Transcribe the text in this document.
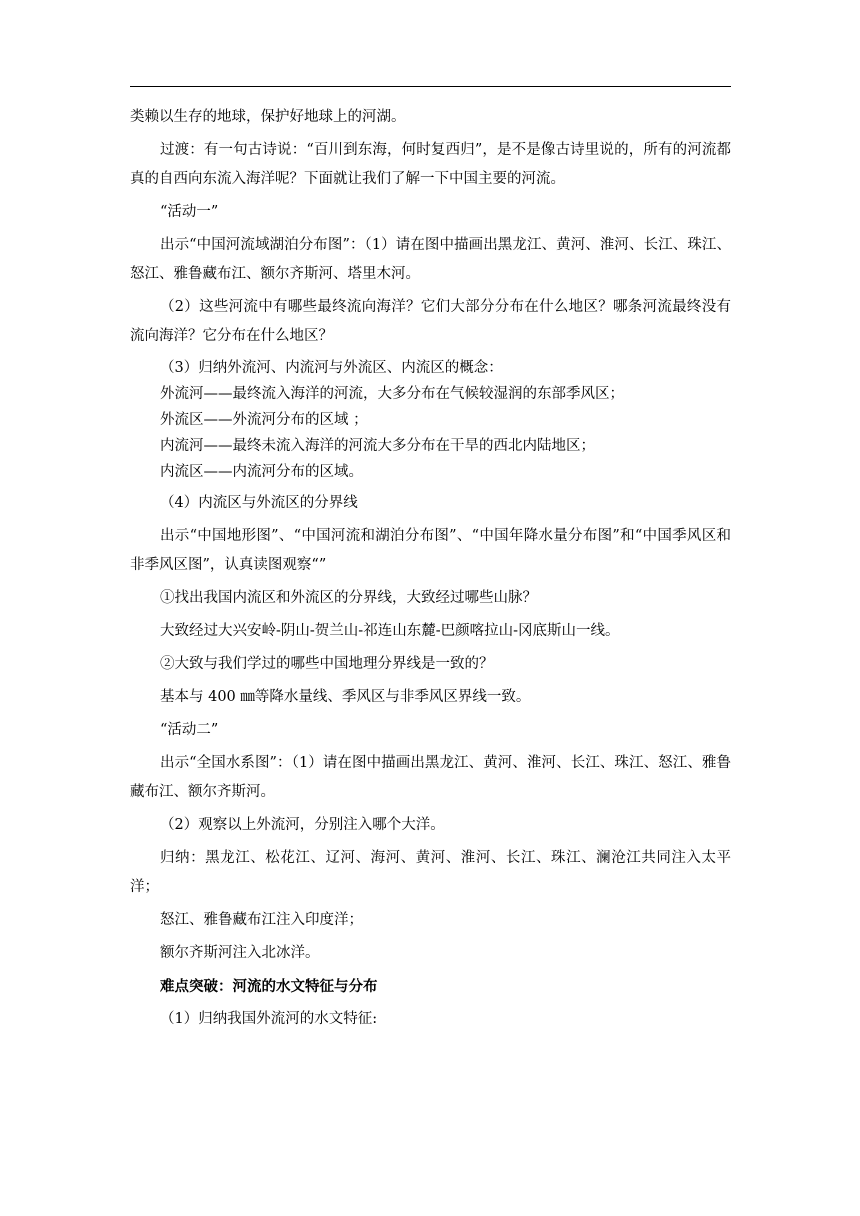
类赖以生存的地球，保护好地球上的河湖。

过渡：有一句古诗说：“百川到东海，何时复西归”，是不是像古诗里说的，所有的河流都真的自西向东流入海洋呢？下面就让我们了解一下中国主要的河流。

“活动一”

出示“中国河流域湖泊分布图”：（1）请在图中描画出黑龙江、黄河、淮河、长江、珠江、怒江、雅鲁藏布江、额尔齐斯河、塔里木河。

（2）这些河流中有哪些最终流向海洋？它们大部分分布在什么地区？哪条河流最终没有流向海洋？它分布在什么地区？

（3）归纳外流河、内流河与外流区、内流区的概念：

外流河——最终流入海洋的河流，大多分布在气候较湿润的东部季风区；

外流区——外流河分布的区域 ；

内流河——最终未流入海洋的河流大多分布在干旱的西北内陆地区；

内流区——内流河分布的区域。

（4）内流区与外流区的分界线

出示“中国地形图”、“中国河流和湖泊分布图”、“中国年降水量分布图”和“中国季风区和非季风区图”，认真读图观察“”

①找出我国内流区和外流区的分界线，大致经过哪些山脉？

大致经过大兴安岭-阴山-贺兰山-祁连山东麓-巴颜喀拉山-冈底斯山一线。

②大致与我们学过的哪些中国地理分界线是一致的？

基本与 400 ㎜等降水量线、季风区与非季风区界线一致。

“活动二”

出示“全国水系图”：（1）请在图中描画出黑龙江、黄河、淮河、长江、珠江、怒江、雅鲁藏布江、额尔齐斯河。

（2）观察以上外流河，分别注入哪个大洋。

归纳：黑龙江、松花江、辽河、海河、黄河、淮河、长江、珠江、澜沧江共同注入太平洋；

怒江、雅鲁藏布江注入印度洋；

额尔齐斯河注入北冰洋。

难点突破：河流的水文特征与分布

（1）归纳我国外流河的水文特征:
